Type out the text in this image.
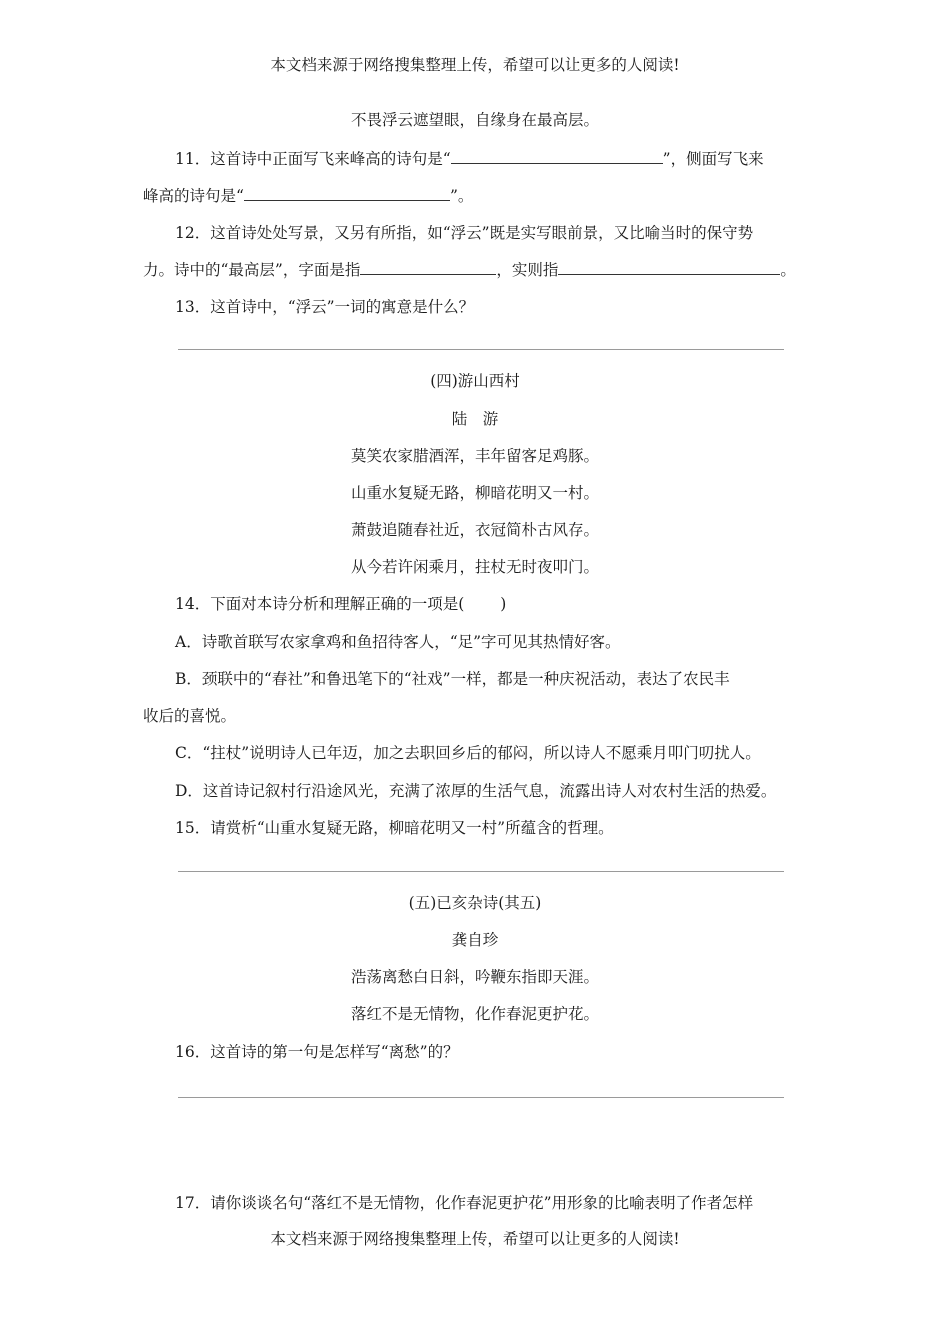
本文档来源于网络搜集整理上传，希望可以让更多的人阅读!
不畏浮云遮望眼，自缘身在最高层。
11．这首诗中正面写飞来峰高的诗句是“	”，侧面写飞来
峰高的诗句是“	”。
12．这首诗处处写景，又另有所指，如“浮云”既是实写眼前景，又比喻当时的保守势
力。诗中的“最高层”，字面是指	，实则指	。
13．这首诗中，“浮云”一词的寓意是什么？
(四)游山西村
陆　游
莫笑农家腊酒浑，丰年留客足鸡豚。
山重水复疑无路，柳暗花明又一村。
萧鼓追随春社近，衣冠简朴古风存。
从今若许闲乘月，拄杖无时夜叩门。
14．下面对本诗分析和理解正确的一项是( )
A．诗歌首联写农家拿鸡和鱼招待客人，“足”字可见其热情好客。
B．颈联中的“春社”和鲁迅笔下的“社戏”一样，都是一种庆祝活动，表达了农民丰
收后的喜悦。
C．“拄杖”说明诗人已年迈，加之去职回乡后的郁闷，所以诗人不愿乘月叩门叨扰人。
D．这首诗记叙村行沿途风光，充满了浓厚的生活气息，流露出诗人对农村生活的热爱。
15．请赏析“山重水复疑无路，柳暗花明又一村”所蕴含的哲理。
(五)已亥杂诗(其五)
龚自珍
浩荡离愁白日斜，吟鞭东指即天涯。
落红不是无情物，化作春泥更护花。
16．这首诗的第一句是怎样写“离愁”的？
17．请你谈谈名句“落红不是无情物，化作春泥更护花”用形象的比喻表明了作者怎样
本文档来源于网络搜集整理上传，希望可以让更多的人阅读!
